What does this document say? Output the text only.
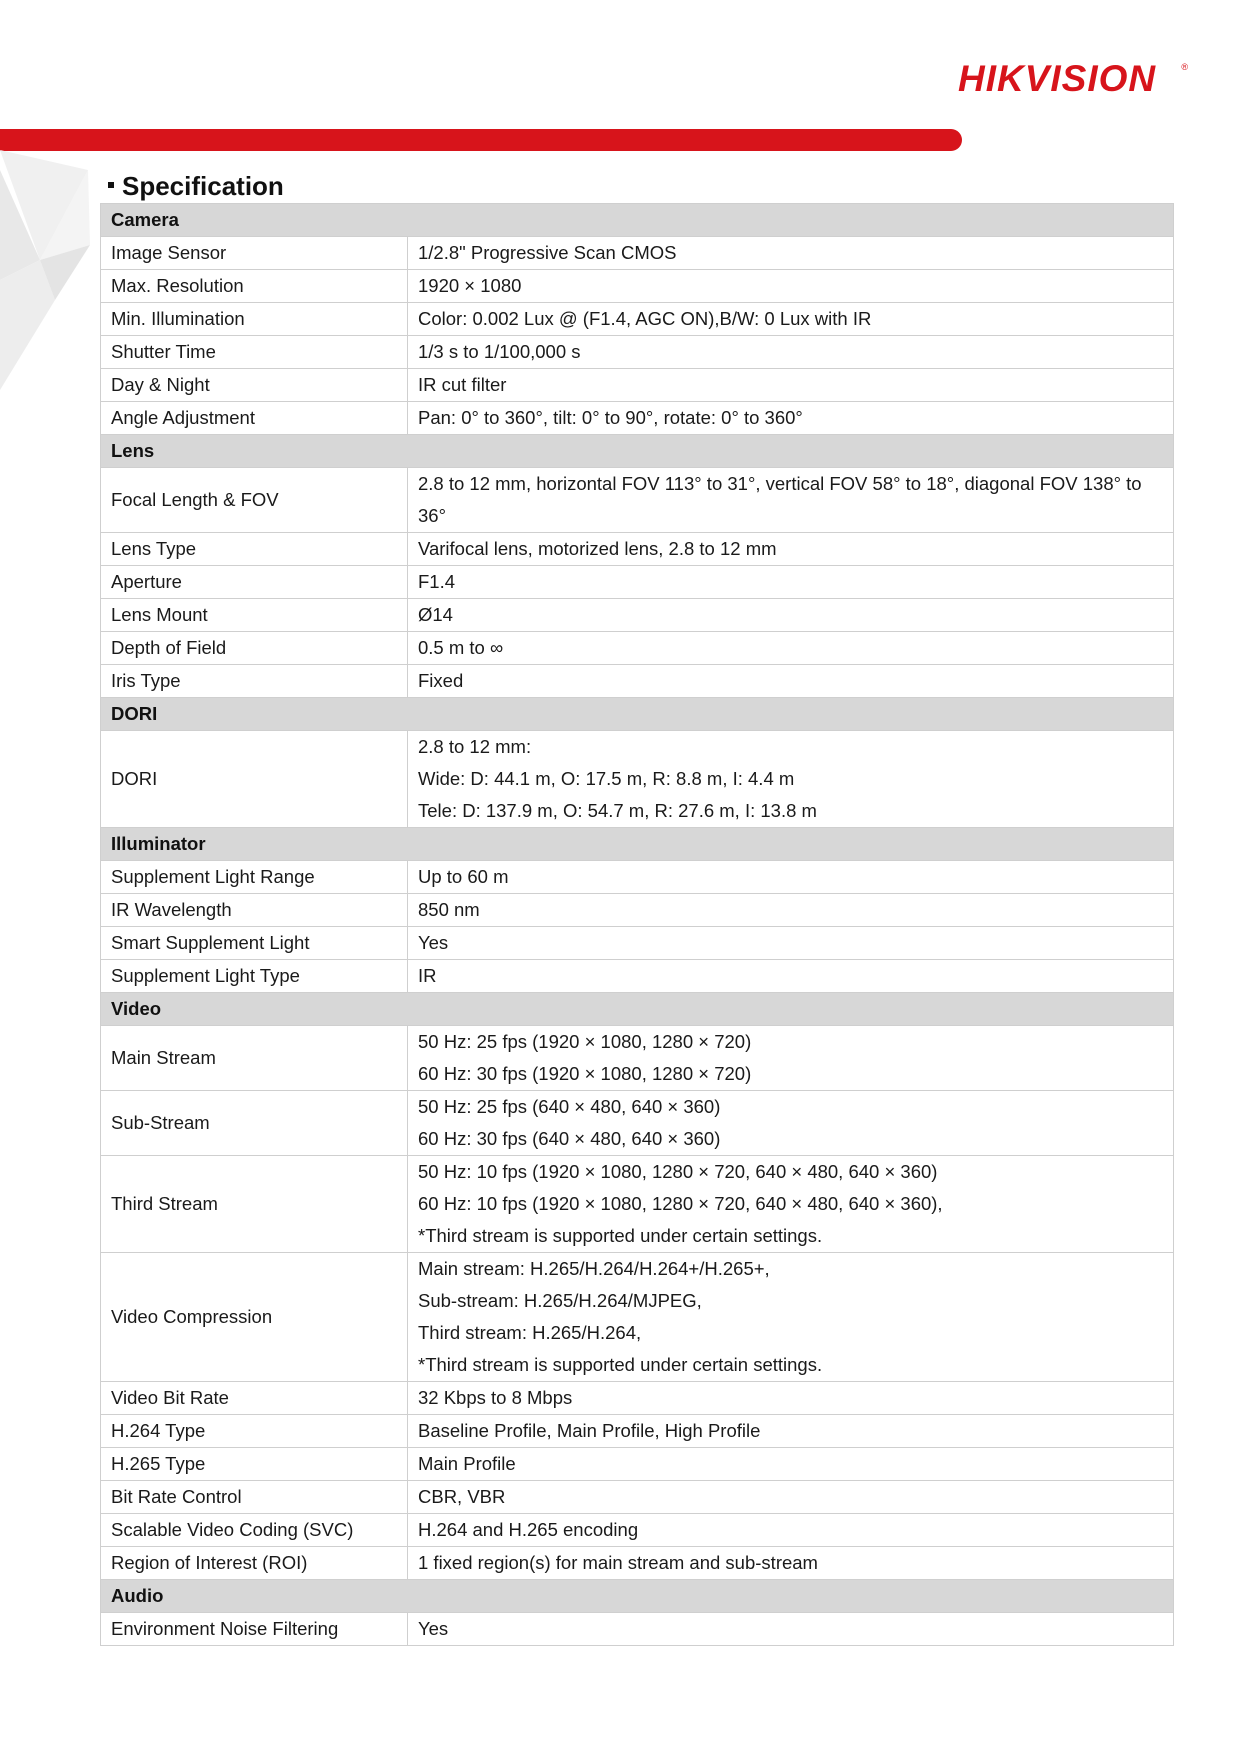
HIKVISION	®
Specification
Camera	
Image Sensor	1/2.8" Progressive Scan CMOS

Max. Resolution	1920 × 1080

Min. Illumination	Color: 0.002 Lux @ (F1.4, AGC ON),B/W: 0 Lux with IR

Shutter Time	1/3 s to 1/100,000 s

Day & Night	IR cut filter

Angle Adjustment	Pan: 0° to 360°, tilt: 0° to 90°, rotate: 0° to 360°

Lens	
Focal Length & FOV	2.8 to 12 mm, horizontal FOV 113° to 31°, vertical FOV 58° to 18°, diagonal FOV 138° to 36°

Lens Type	Varifocal lens, motorized lens, 2.8 to 12 mm

Aperture	F1.4

Lens Mount	Ø14

Depth of Field	0.5 m to ∞

Iris Type	Fixed

DORI	
DORI	2.8 to 12 mm:
Wide: D: 44.1 m, O: 17.5 m, R: 8.8 m, I: 4.4 m
Tele: D: 137.9 m, O: 54.7 m, R: 27.6 m, I: 13.8 m

Illuminator	
Supplement Light Range	Up to 60 m

IR Wavelength	850 nm

Smart Supplement Light	Yes

Supplement Light Type	IR

Video	
Main Stream	50 Hz: 25 fps (1920 × 1080, 1280 × 720)
60 Hz: 30 fps (1920 × 1080, 1280 × 720)

Sub-Stream	50 Hz: 25 fps (640 × 480, 640 × 360)
60 Hz: 30 fps (640 × 480, 640 × 360)

Third Stream	50 Hz: 10 fps (1920 × 1080, 1280 × 720, 640 × 480, 640 × 360)
60 Hz: 10 fps (1920 × 1080, 1280 × 720, 640 × 480, 640 × 360),
*Third stream is supported under certain settings.

Video Compression	Main stream: H.265/H.264/H.264+/H.265+,
Sub-stream: H.265/H.264/MJPEG,
Third stream: H.265/H.264,
*Third stream is supported under certain settings.

Video Bit Rate	32 Kbps to 8 Mbps

H.264 Type	Baseline Profile, Main Profile, High Profile

H.265 Type	Main Profile

Bit Rate Control	CBR, VBR

Scalable Video Coding (SVC)	H.264 and H.265 encoding

Region of Interest (ROI)	1 fixed region(s) for main stream and sub-stream

Audio	
Environment Noise Filtering	Yes
